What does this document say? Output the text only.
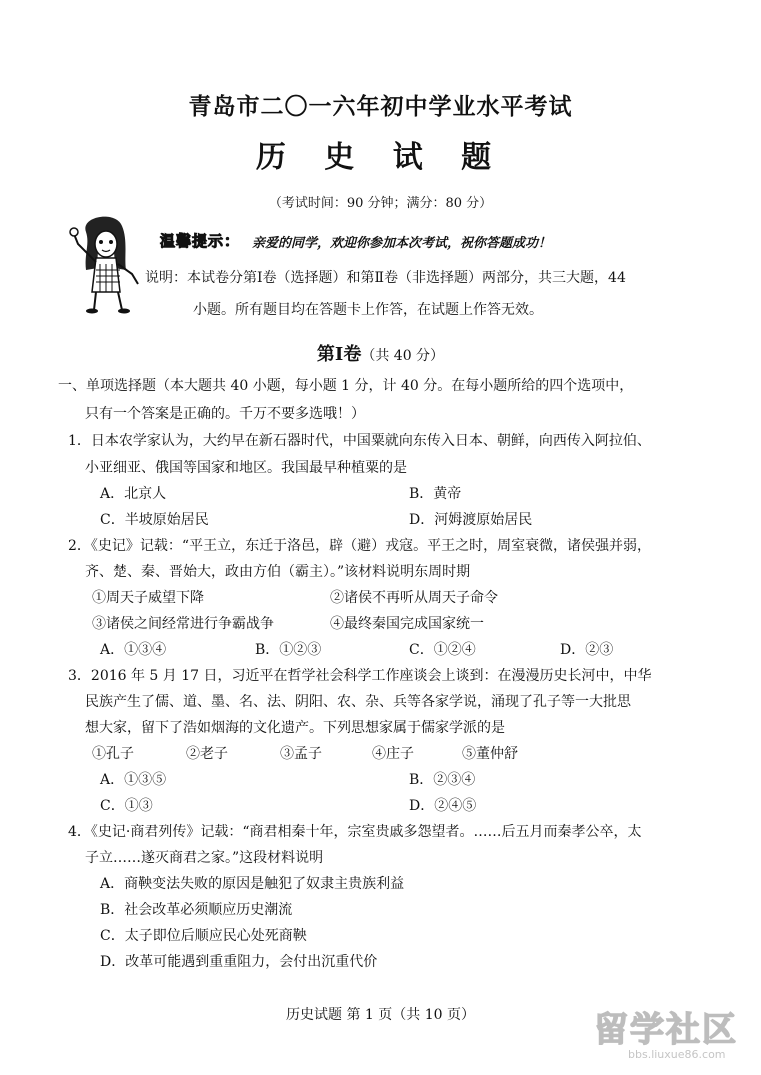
青岛市二〇一六年初中学业水平考试
历 史 试 题
（考试时间：90 分钟；满分：80 分）
温馨提示： 亲爱的同学，欢迎你参加本次考试，祝你答题成功！
说明：本试卷分第Ⅰ卷（选择题）和第Ⅱ卷（非选择题）两部分，共三大题，44
小题。所有题目均在答题卡上作答，在试题上作答无效。
第Ⅰ卷（共 40 分）
一、单项选择题（本大题共 40 小题，每小题 1 分，计 40 分。在每小题所给的四个选项中，
只有一个答案是正确的。千万不要多选哦！）
1．日本农学家认为，大约早在新石器时代，中国粟就向东传入日本、朝鲜，向西传入阿拉伯、
小亚细亚、俄国等国家和地区。我国最早种植粟的是
A．北京人	B．黄帝
C．半坡原始居民	D．河姆渡原始居民
2．《史记》记载：“平王立，东迁于洛邑，辟（避）戎寇。平王之时，周室衰微，诸侯强并弱，
齐、楚、秦、晋始大，政由方伯（霸主）。”该材料说明东周时期
①周天子威望下降	②诸侯不再听从周天子命令
③诸侯之间经常进行争霸战争	④最终秦国完成国家统一
A．①③④	B．①②③	C．①②④	D．②③
3．2016 年 5 月 17 日，习近平在哲学社会科学工作座谈会上谈到：在漫漫历史长河中，中华
民族产生了儒、道、墨、名、法、阴阳、农、杂、兵等各家学说，涌现了孔子等一大批思
想大家，留下了浩如烟海的文化遗产。下列思想家属于儒家学派的是
①孔子	②老子	③孟子	④庄子	⑤董仲舒
A．①③⑤	B．②③④
C．①③	D．②④⑤
4．《史记·商君列传》记载：“商君相秦十年，宗室贵戚多怨望者。……后五月而秦孝公卒，太
子立……遂灭商君之家。”这段材料说明
A．商鞅变法失败的原因是触犯了奴隶主贵族利益
B．社会改革必须顺应历史潮流
C．太子即位后顺应民心处死商鞅
D．改革可能遇到重重阻力，会付出沉重代价
历史试题 第 1 页（共 10 页）	留学社区
bbs.liuxue86.com
